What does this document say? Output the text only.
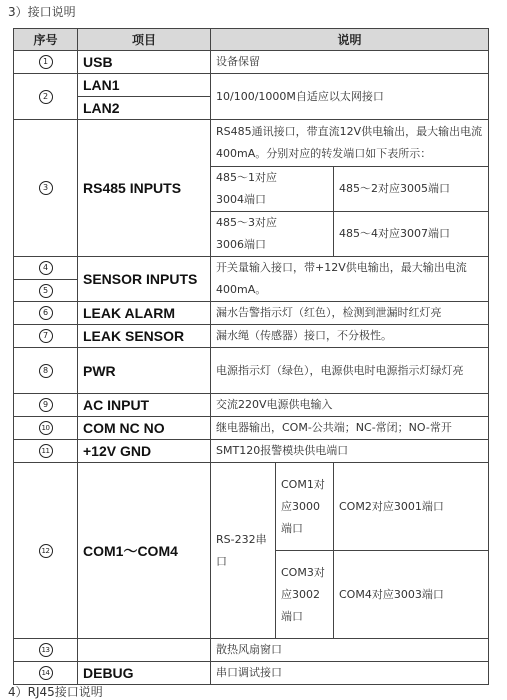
3）接口说明
序号	项目	说明		
1	USB	设备保留		
2	LAN1	10/100/1000M自适应以太网接口		
	LAN2			
3	RS485 INPUTS	RS485通讯接口，带直流12V供电输出，最大输出电流400mA。分别对应的转发端口如下表所示：		
		485～1对应3004端口		485～2对应3005端口
		485～3对应3006端口		485～4对应3007端口
4	SENSOR INPUTS	开关量输入接口，带+12V供电输出，最大输出电流400mA。		
5				
6	LEAK ALARM	漏水告警指示灯（红色），检测到泄漏时红灯亮		
7	LEAK SENSOR	漏水绳（传感器）接口，不分极性。		
8	PWR	电源指示灯（绿色），电源供电时电源指示灯绿灯亮		
9	AC INPUT	交流220V电源供电输入		
10	COM NC NO	继电器输出，COM-公共端；NC-常闭；NO-常开		
11	+12V GND	SMT120报警模块供电端口		
12	COM1～COM4	RS-232串口	COM1对应3000端口	COM2对应3001端口
			COM3对应3002端口	COM4对应3003端口
13		散热风扇窗口		
14	DEBUG	串口调试接口		
4）RJ45接口说明
